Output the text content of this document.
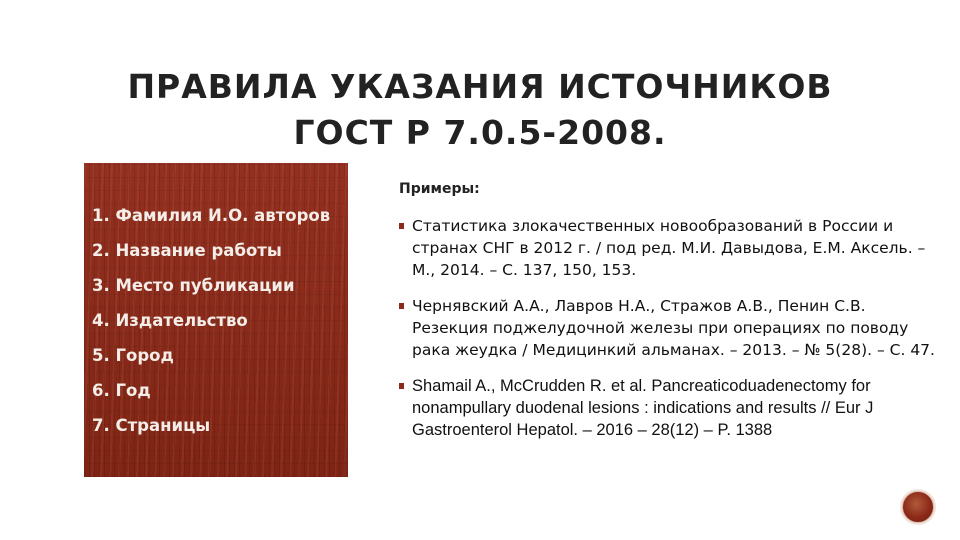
ПРАВИЛА УКАЗАНИЯ ИСТОЧНИКОВ
ГОСТ Р 7.0.5-2008.
1. Фамилия И.О. авторов
2. Название работы
3. Место публикации
4. Издательство
5. Город
6. Год
7. Страницы

Примеры:

Статистика злокачественных новообразований в России и странах СНГ в 2012 г. / под ред. М.И. Давыдова, Е.М. Аксель. – М., 2014. – С. 137, 150, 153.
Чернявский А.А., Лавров Н.А., Стражов А.В., Пенин С.В. Резекция поджелудочной железы при операциях по поводу рака жеудка / Медицинкий альманах. – 2013. – № 5(28). – С. 47.
Shamail A., McCrudden R. et al. Pancreaticoduadenectomy for nonampullary duodenal lesions : indications and results // Eur J Gastroenterol Hepatol. – 2016 – 28(12) – P. 1388
